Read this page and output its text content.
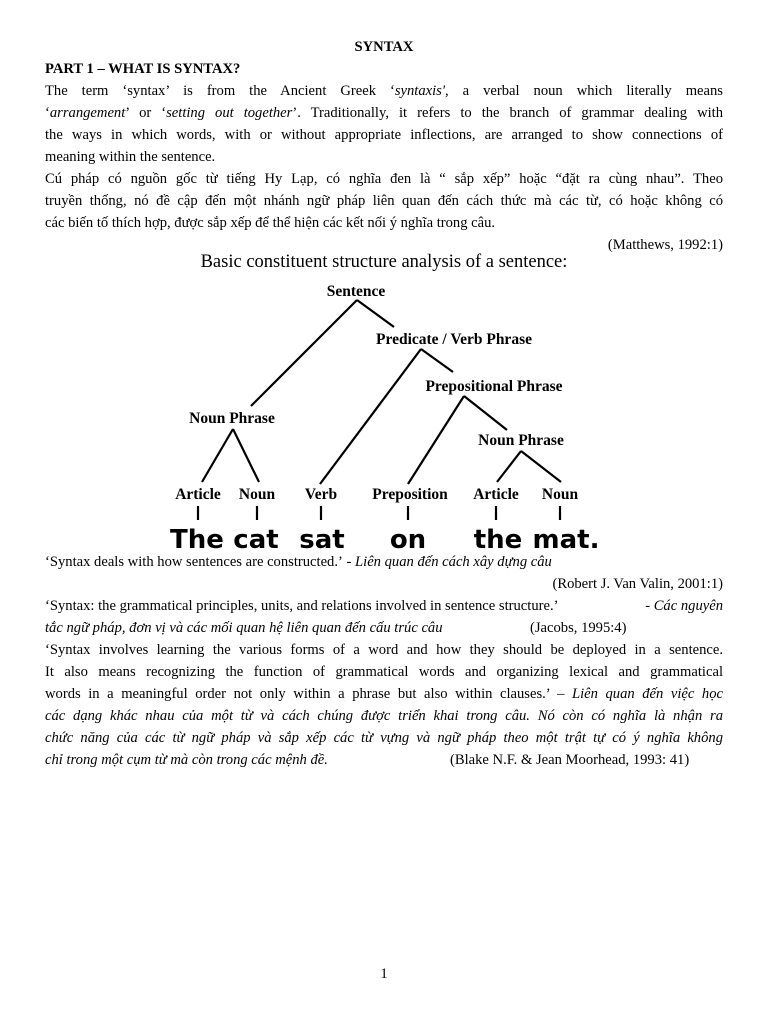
SYNTAX
PART 1 – WHAT IS SYNTAX?
The term ‘syntax’ is from the Ancient Greek ‘syntaxis', a verbal noun which literally means
‘arrangement’ or ‘setting out together’. Traditionally, it refers to the branch of grammar dealing with
the ways in which words, with or without appropriate inflections, are arranged to show connections of
meaning within the sentence.
Cú pháp có nguồn gốc từ tiếng Hy Lạp, có nghĩa đen là “ sắp xếp” hoặc “đặt ra cùng nhau”. Theo
truyền thống, nó đề cập đến một nhánh ngữ pháp liên quan đến cách thức mà các từ, có hoặc không có
các biến tố thích hợp, được sắp xếp để thể hiện các kết nối ý nghĩa trong câu.
(Matthews, 1992:1)
Basic constituent structure analysis of a sentence:
Sentence
Predicate / Verb Phrase
Prepositional Phrase
Noun Phrase
Noun Phrase
Article Noun Verb Preposition Article Noun
The cat sat on the mat.
‘Syntax deals with how sentences are constructed.’ - Liên quan đến cách xây dựng câu
(Robert J. Van Valin, 2001:1)
‘Syntax: the grammatical principles, units, and relations involved in sentence structure.’	- Các nguyên
tắc ngữ pháp, đơn vị và các mối quan hệ liên quan đến cấu trúc câu	(Jacobs, 1995:4)
‘Syntax involves learning the various forms of a word and how they should be deployed in a sentence.
It also means recognizing the function of grammatical words and organizing lexical and grammatical
words in a meaningful order not only within a phrase but also within clauses.’ – Liên quan đến việc học
các dạng khác nhau của một từ và cách chúng được triển khai trong câu. Nó còn có nghĩa là nhận ra
chức năng của các từ ngữ pháp và sắp xếp các từ vựng và ngữ pháp theo một trật tự có ý nghĩa không
chỉ trong một cụm từ mà còn trong các mệnh đề.	(Blake N.F. & Jean Moorhead, 1993: 41)
1
